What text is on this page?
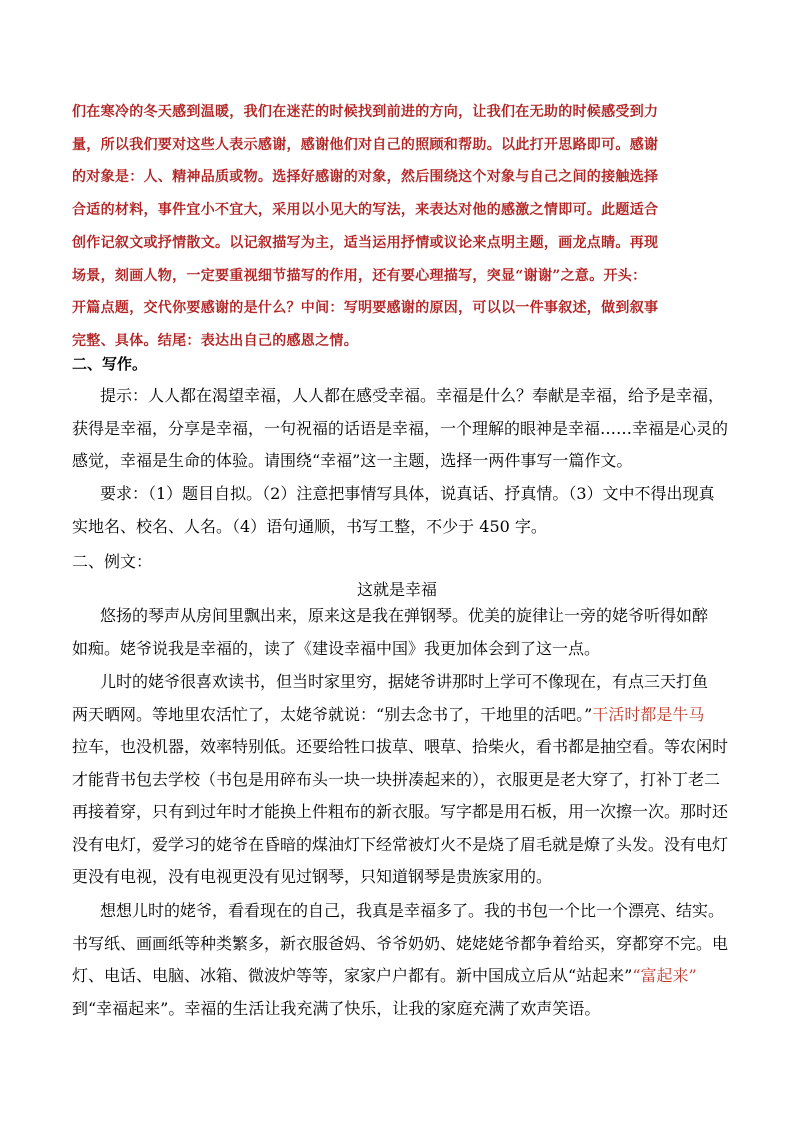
们在寒冷的冬天感到温暖，我们在迷茫的时候找到前进的方向，让我们在无助的时候感受到力
量，所以我们要对这些人表示感谢，感谢他们对自己的照顾和帮助。以此打开思路即可。感谢
的对象是：人、精神品质或物。选择好感谢的对象，然后围绕这个对象与自己之间的接触选择
合适的材料，事件宜小不宜大，采用以小见大的写法，来表达对他的感激之情即可。此题适合
创作记叙文或抒情散文。以记叙描写为主，适当运用抒情或议论来点明主题，画龙点睛。再现
场景，刻画人物，一定要重视细节描写的作用，还有要心理描写，突显“谢谢”之意。开头：
开篇点题，交代你要感谢的是什么？中间：写明要感谢的原因，可以以一件事叙述，做到叙事
完整、具体。结尾：表达出自己的感恩之情。
二、写作。
提示：人人都在渴望幸福，人人都在感受幸福。幸福是什么？奉献是幸福，给予是幸福，
获得是幸福，分享是幸福，一句祝福的话语是幸福，一个理解的眼神是幸福……幸福是心灵的
感觉，幸福是生命的体验。请围绕“幸福”这一主题，选择一两件事写一篇作文。
要求：（1）题目自拟。（2）注意把事情写具体，说真话、抒真情。（3）文中不得出现真
实地名、校名、人名。（4）语句通顺，书写工整，不少于 450 字。
二、例文：
这就是幸福
悠扬的琴声从房间里飘出来，原来这是我在弹钢琴。优美的旋律让一旁的姥爷听得如醉
如痴。姥爷说我是幸福的，读了《建设幸福中国》我更加体会到了这一点。
儿时的姥爷很喜欢读书，但当时家里穷，据姥爷讲那时上学可不像现在，有点三天打鱼
两天晒网。等地里农活忙了，太姥爷就说：“别去念书了，干地里的活吧。”干活时都是牛马
拉车，也没机器，效率特别低。还要给牲口拔草、喂草、拾柴火，看书都是抽空看。等农闲时
才能背书包去学校（书包是用碎布头一块一块拼凑起来的），衣服更是老大穿了，打补丁老二
再接着穿，只有到过年时才能换上件粗布的新衣服。写字都是用石板，用一次擦一次。那时还
没有电灯，爱学习的姥爷在昏暗的煤油灯下经常被灯火不是烧了眉毛就是燎了头发。没有电灯
更没有电视，没有电视更没有见过钢琴，只知道钢琴是贵族家用的。
想想儿时的姥爷，看看现在的自己，我真是幸福多了。我的书包一个比一个漂亮、结实。
书写纸、画画纸等种类繁多，新衣服爸妈、爷爷奶奶、姥姥姥爷都争着给买，穿都穿不完。电
灯、电话、电脑、冰箱、微波炉等等，家家户户都有。新中国成立后从“站起来”“富起来”
到“幸福起来”。幸福的生活让我充满了快乐，让我的家庭充满了欢声笑语。
